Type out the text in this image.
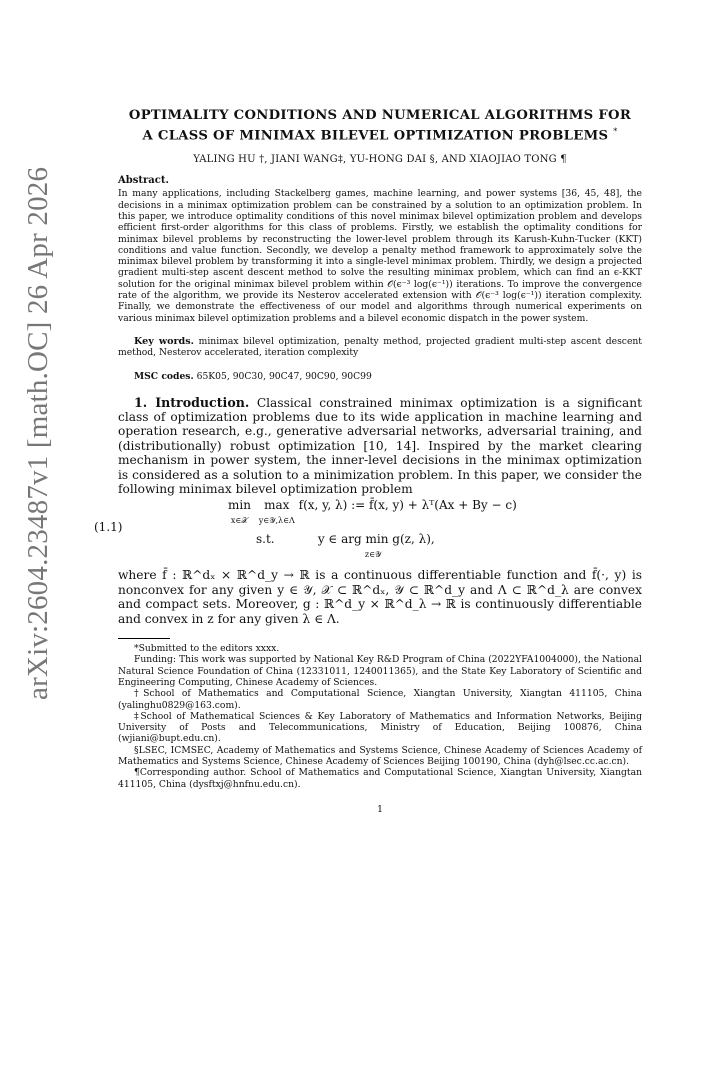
arXiv:2604.23487v1 [math.OC] 26 Apr 2026
OPTIMALITY CONDITIONS AND NUMERICAL ALGORITHMS FOR A CLASS OF MINIMAX BILEVEL OPTIMIZATION PROBLEMS *
YALING HU †, JIANI WANG‡, YU-HONG DAI §, AND XIAOJIAO TONG ¶
Abstract.
In many applications, including Stackelberg games, machine learning, and power systems [36, 45, 48], the decisions in a minimax optimization problem can be constrained by a solution to an optimization problem. In this paper, we introduce optimality conditions of this novel minimax bilevel optimization problem and develops efficient first-order algorithms for this class of problems. Firstly, we establish the optimality conditions for minimax bilevel problems by reconstructing the lower-level problem through its Karush-Kuhn-Tucker (KKT) conditions and value function. Secondly, we develop a penalty method framework to approximately solve the minimax bilevel problem by transforming it into a single-level minimax problem. Thirdly, we design a projected gradient multi-step ascent descent method to solve the resulting minimax problem, which can find an ϵ-KKT solution for the original minimax bilevel problem within 𝒪(ϵ⁻³ log(ϵ⁻¹)) iterations. To improve the convergence rate of the algorithm, we provide its Nesterov accelerated extension with 𝒪(ϵ⁻³ log(ϵ⁻¹)) iteration complexity. Finally, we demonstrate the effectiveness of our model and algorithms through numerical experiments on various minimax bilevel optimization problems and a bilevel economic dispatch in the power system.
Key words. minimax bilevel optimization, penalty method, projected gradient multi-step ascent descent method, Nesterov accelerated, iteration complexity
MSC codes. 65K05, 90C30, 90C47, 90C90, 90C99
1. Introduction. Classical constrained minimax optimization is a significant class of optimization problems due to its wide application in machine learning and operation research, e.g., generative adversarial networks, adversarial training, and (distributionally) robust optimization [10, 14]. Inspired by the market clearing mechanism in power system, the inner-level decisions in the minimax optimization is considered as a solution to a minimization problem. In this paper, we consider the following minimax bilevel optimization problem
(1.1)
min
x∈𝒳 max
y∈𝒴,λ∈Λ f(x, y, λ) := f̄(x, y) + λᵀ(Ax + By − c)
s.t.	y ∈ arg min
z∈𝒴 g(z, λ),
where f̄ : ℝ^dₓ × ℝ^d_y → ℝ is a continuous differentiable function and f̄(·, y) is nonconvex for any given y ∈ 𝒴, 𝒳 ⊂ ℝ^dₓ, 𝒴 ⊂ ℝ^d_y and Λ ⊂ ℝ^d_λ are convex and compact sets. Moreover, g : ℝ^d_y × ℝ^d_λ → ℝ is continuously differentiable and convex in z for any given λ ∈ Λ.

*Submitted to the editors xxxx.

Funding: This work was supported by National Key R&D Program of China (2022YFA1004000), the National Natural Science Foundation of China (12331011, 1240011365), and the State Key Laboratory of Scientific and Engineering Computing, Chinese Academy of Sciences.

†School of Mathematics and Computational Science, Xiangtan University, Xiangtan 411105, China (yalinghu0829@163.com).

‡School of Mathematical Sciences & Key Laboratory of Mathematics and Information Networks, Beijing University of Posts and Telecommunications, Ministry of Education, Beijing 100876, China (wjiani@bupt.edu.cn).

§LSEC, ICMSEC, Academy of Mathematics and Systems Science, Chinese Academy of Sciences Academy of Mathematics and Systems Science, Chinese Academy of Sciences Beijing 100190, China (dyh@lsec.cc.ac.cn).

¶Corresponding author. School of Mathematics and Computational Science, Xiangtan University, Xiangtan 411105, China (dysftxj@hnfnu.edu.cn).

1
